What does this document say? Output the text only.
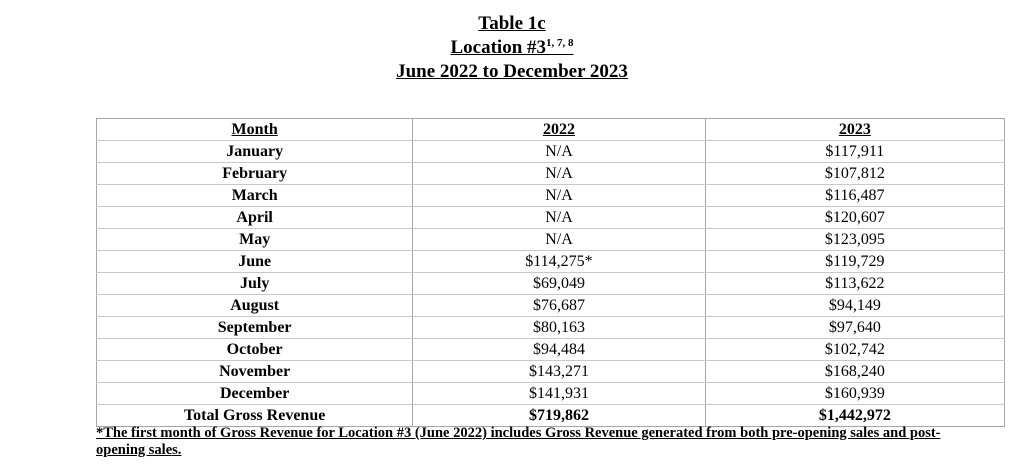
Table 1c
Location #3$^{1, 7, 8}$
June 2022 to December 2023
Month	2022	2023
January	N/A	$117,911
February	N/A	$107,812
March	N/A	$116,487
April	N/A	$120,607
May	N/A	$123,095
June	$114,275*	$119,729
July	$69,049	$113,622
August	$76,687	$94,149
September	$80,163	$97,640
October	$94,484	$102,742
November	$143,271	$168,240
December	$141,931	$160,939
Total Gross Revenue	$719,862	$1,442,972
*The first month of Gross Revenue for Location #3 (June 2022) includes Gross Revenue generated from both pre-opening sales and post-opening sales.
